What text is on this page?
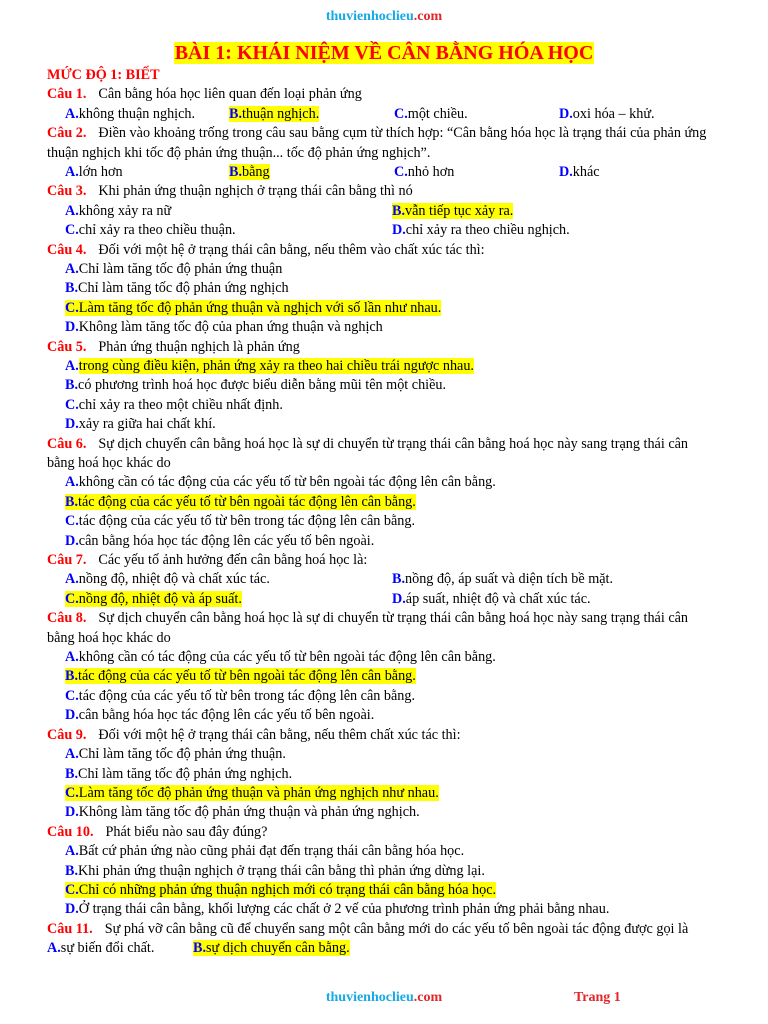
thuvienhoclieu.com
BÀI 1: KHÁI NIỆM VỀ CÂN BẰNG HÓA HỌC
MỨC ĐỘ 1: BIẾT
Câu 1. Cân bằng hóa học liên quan đến loại phản ứng
A.không thuận nghịch.	B.thuận nghịch.	C.một chiều.	D.oxi hóa – khử.
Câu 2. Điền vào khoảng trống trong câu sau bằng cụm từ thích hợp: “Cân bằng hóa học là trạng thái của phản ứng thuận nghịch khi tốc độ phản ứng thuận... tốc độ phản ứng nghịch”.
A.lớn hơn	B.bằng	C.nhỏ hơn	D.khác
Câu 3. Khi phản ứng thuận nghịch ở trạng thái cân bằng thì nó
A.không xảy ra nữ	B.vẫn tiếp tục xảy ra.
C.chỉ xảy ra theo chiều thuận.	D.chỉ xảy ra theo chiều nghịch.
Câu 4. Đối với một hệ ở trạng thái cân bằng, nếu thêm vào chất xúc tác thì:
A.Chỉ làm tăng tốc độ phản ứng thuận
B.Chỉ làm tăng tốc độ phản ứng nghịch
C.Làm tăng tốc độ phản ứng thuận và nghịch với số lần như nhau.
D.Không làm tăng tốc độ của phan ứng thuận và nghịch
Câu 5. Phản ứng thuận nghịch là phản ứng
A.trong cùng điều kiện, phản ứng xảy ra theo hai chiều trái ngược nhau.
B.có phương trình hoá học được biểu diễn bằng mũi tên một chiều.
C.chỉ xảy ra theo một chiều nhất định.
D.xảy ra giữa hai chất khí.
Câu 6. Sự dịch chuyển cân bằng hoá học là sự di chuyển từ trạng thái cân bằng hoá học này sang trạng thái cân bằng hoá học khác do
A.không cần có tác động của các yếu tố từ bên ngoài tác động lên cân bằng.
B.tác động của các yếu tố từ bên ngoài tác động lên cân bằng.
C.tác động của các yếu tố từ bên trong tác động lên cân bằng.
D.cân bằng hóa học tác động lên các yếu tố bên ngoài.
Câu 7. Các yếu tố ảnh hưởng đến cân bằng hoá học là:
A.nồng độ, nhiệt độ và chất xúc tác.	B.nồng độ, áp suất và diện tích bề mặt.
C.nồng độ, nhiệt độ và áp suất.	D.áp suất, nhiệt độ và chất xúc tác.
Câu 8. Sự dịch chuyển cân bằng hoá học là sự di chuyển từ trạng thái cân bằng hoá học này sang trạng thái cân bằng hoá học khác do
A.không cần có tác động của các yếu tố từ bên ngoài tác động lên cân bằng.
B.tác động của các yếu tố từ bên ngoài tác động lên cân bằng.
C.tác động của các yếu tố từ bên trong tác động lên cân bằng.
D.cân bằng hóa học tác động lên các yếu tố bên ngoài.
Câu 9. Đối với một hệ ở trạng thái cân bằng, nếu thêm chất xúc tác thì:
A.Chỉ làm tăng tốc độ phản ứng thuận.
B.Chỉ làm tăng tốc độ phản ứng nghịch.
C.Làm tăng tốc độ phản ứng thuận và phản ứng nghịch như nhau.
D.Không làm tăng tốc độ phản ứng thuận và phản ứng nghịch.
Câu 10. Phát biểu nào sau đây đúng?
A.Bất cứ phản ứng nào cũng phải đạt đến trạng thái cân bằng hóa học.
B.Khi phản ứng thuận nghịch ở trạng thái cân bằng thì phản ứng dừng lại.
C.Chỉ có những phản ứng thuận nghịch mới có trạng thái cân bằng hóa học.
D.Ở trạng thái cân bằng, khối lượng các chất ở 2 vế của phương trình phản ứng phải bằng nhau.
Câu 11. Sự phá vỡ cân bằng cũ để chuyển sang một cân bằng mới do các yếu tố bên ngoài tác động được gọi là
A.sự biến đổi chất.	B.sự dịch chuyển cân bằng.
thuvienhoclieu.com	Trang 1
